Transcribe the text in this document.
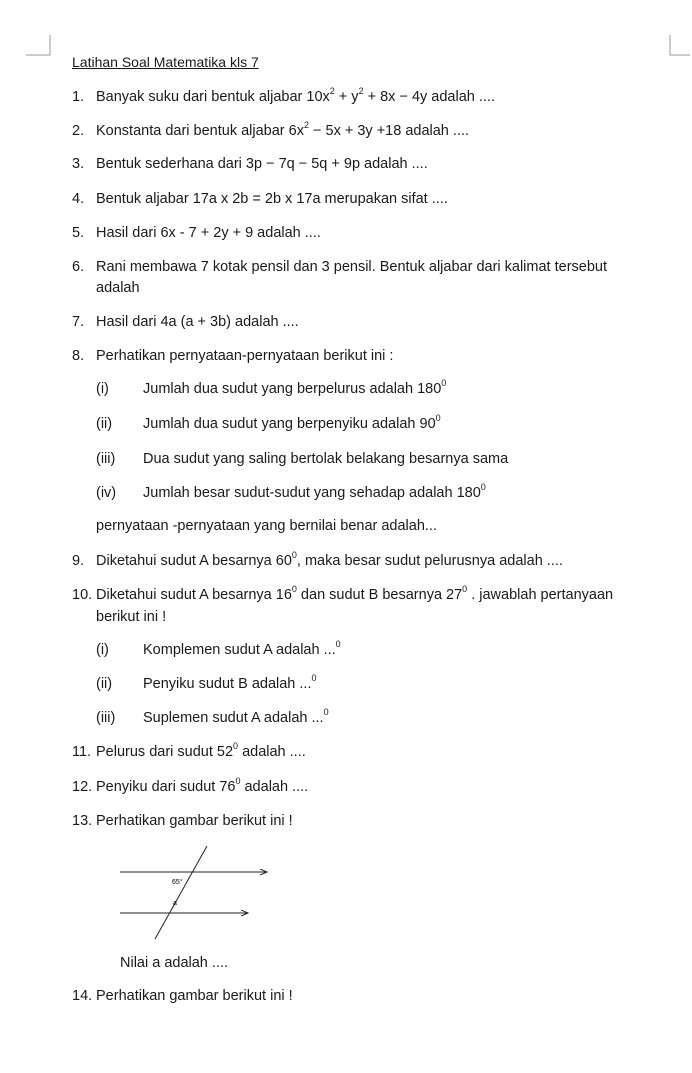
Latihan Soal Matematika kls 7
1. Banyak suku dari bentuk aljabar $10x^2 + y^2 + 8x - 4y$ adalah ....
2. Konstanta dari bentuk aljabar $6x^2 - 5x + 3y +18$ adalah ....
3. Bentuk sederhana dari 3p − 7q − 5q + 9p adalah ....
4. Bentuk aljabar 17a x 2b = 2b x 17a merupakan sifat ....
5. Hasil dari 6x - 7 + 2y + 9 adalah ....
6. Rani membawa 7 kotak pensil dan 3 pensil. Bentuk aljabar dari kalimat tersebut
adalah
7. Hasil dari 4a (a + 3b) adalah ....
8. Perhatikan pernyataan-pernyataan berikut ini :
(i) Jumlah dua sudut yang berpelurus adalah $180^0$
(ii) Jumlah dua sudut yang berpenyiku adalah $90^0$
(iii) Dua sudut yang saling bertolak belakang besarnya sama
(iv) Jumlah besar sudut-sudut yang sehadap adalah $180^0$
pernyataan -pernyataan yang bernilai benar adalah...
9. Diketahui sudut A besarnya $60^0$, maka besar sudut pelurusnya adalah ....
10. Diketahui sudut A besarnya $16^0$ dan sudut B besarnya $27^0$ . jawablah pertanyaan
berikut ini !
(i) Komplemen sudut A adalah ...$^0$
(ii) Penyiku sudut B adalah ...$^0$
(iii) Suplemen sudut A adalah ...$^0$
11. Pelurus dari sudut $52^0$ adalah ....
12. Penyiku dari sudut $76^0$ adalah ....
13. Perhatikan gambar berikut ini !
65°
a
Nilai a adalah ....
14. Perhatikan gambar berikut ini !
